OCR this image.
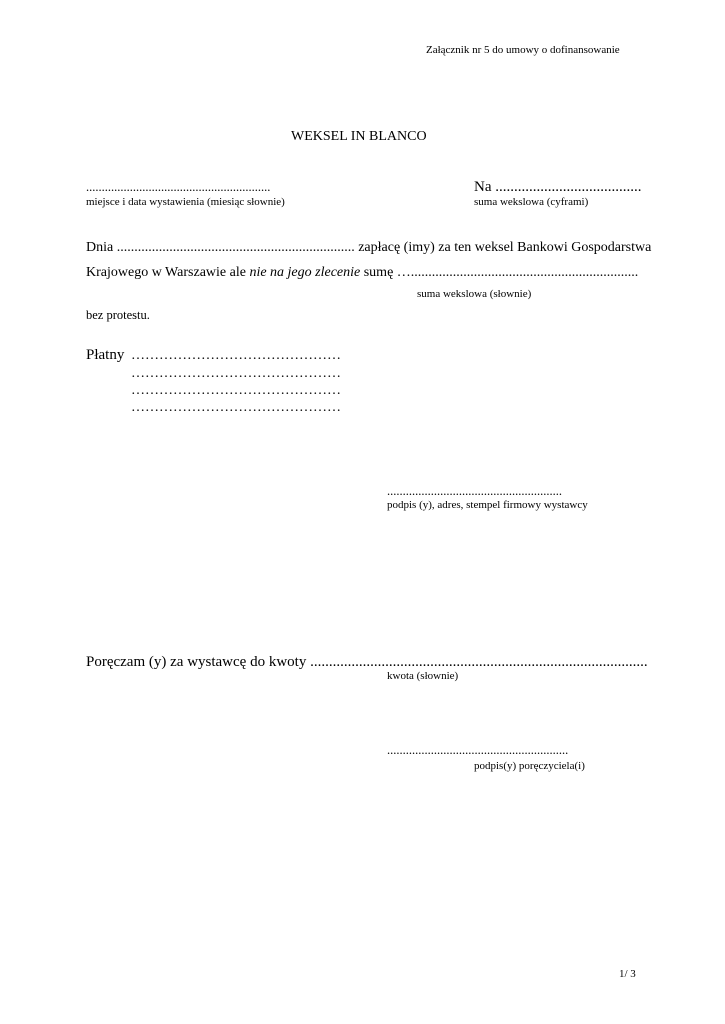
Załącznik nr 5 do umowy o dofinansowanie
WEKSEL IN BLANCO
...........................................................
miejsce i data wystawienia (miesiąc słownie)
Na .......................................
suma wekslowa (cyframi)
Dnia .................................................................... zapłacę (imy) za ten weksel Bankowi Gospodarstwa
Krajowego w Warszawie ale nie na jego zlecenie sumę ….................................................................
suma wekslowa (słownie)
bez protestu.
Płatny ………………………………………
………………………………………
………………………………………
………………………………………
........................................................
podpis (y), adres, stempel firmowy wystawcy
Poręczam (y) za wystawcę do kwoty ..........................................................................................
kwota (słownie)
..........................................................
podpis(y) poręczyciela(i)
1/ 3
